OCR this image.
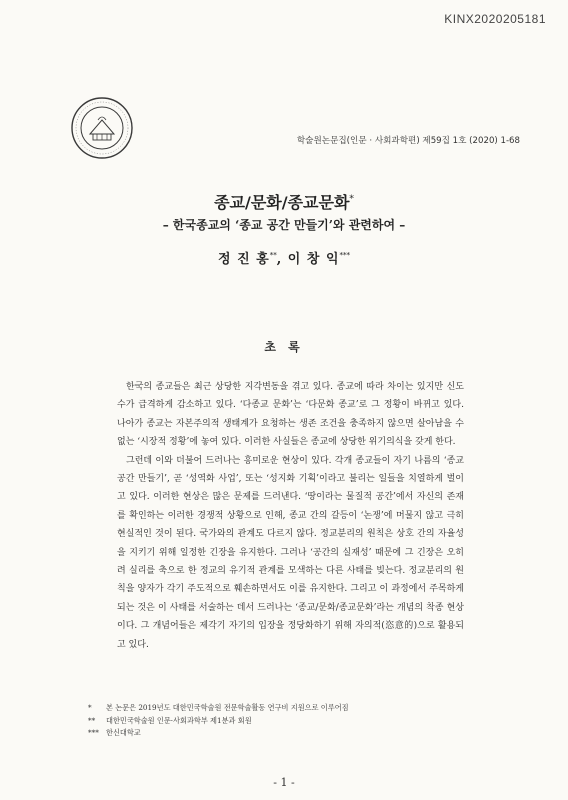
KINX2020205181
학술원논문집(인문 · 사회과학편) 제59집 1호 (2020) 1-68
종교/문화/종교문화*
– 한국종교의 ‘종교 공간 만들기’와 관련하여 –
정 진 홍**, 이 창 익***
초 록

한국의 종교들은 최근 상당한 지각변동을 겪고 있다. 종교에 따라 차이는 있지만 신도 수가 급격하게 감소하고 있다. ‘다종교 문화’는 ‘다문화 종교’로 그 정황이 바뀌고 있다. 나아가 종교는 자본주의적 생태계가 요청하는 생존 조건을 충족하지 않으면 살아남을 수 없는 ‘시장적 정황’에 놓여 있다. 이러한 사실들은 종교에 상당한 위기의식을 갖게 한다.

그런데 이와 더불어 드러나는 흥미로운 현상이 있다. 각개 종교들이 자기 나름의 ‘종교 공간 만들기’, 곧 ‘성역화 사업’, 또는 ‘성지화 기획’이라고 불리는 일들을 치열하게 벌이고 있다. 이러한 현상은 많은 문제를 드러낸다. ‘땅이라는 물질적 공간’에서 자신의 존재를 확인하는 이러한 경쟁적 상황으로 인해, 종교 간의 갈등이 ‘논쟁’에 머물지 않고 극히 현실적인 것이 된다. 국가와의 관계도 다르지 않다. 정교분리의 원칙은 상호 간의 자율성을 지키기 위해 일정한 긴장을 유지한다. 그러나 ‘공간의 실재성’ 때문에 그 긴장은 오히려 실리를 축으로 한 정교의 유기적 관계를 모색하는 다른 사태를 빚는다. 정교분리의 원칙을 양자가 각기 주도적으로 훼손하면서도 이를 유지한다. 그리고 이 과정에서 주목하게 되는 것은 이 사태를 서술하는 데서 드러나는 ‘종교/문화/종교문화’라는 개념의 착종 현상이다. 그 개념어들은 제각기 자기의 입장을 정당화하기 위해 자의적(恣意的)으로 활용되고 있다.

* 본 논문은 2019년도 대한민국학술원 전문학술활동 연구비 지원으로 이루어짐
** 대한민국학술원 인문·사회과학부 제1분과 회원
*** 한신대학교
- 1 -
